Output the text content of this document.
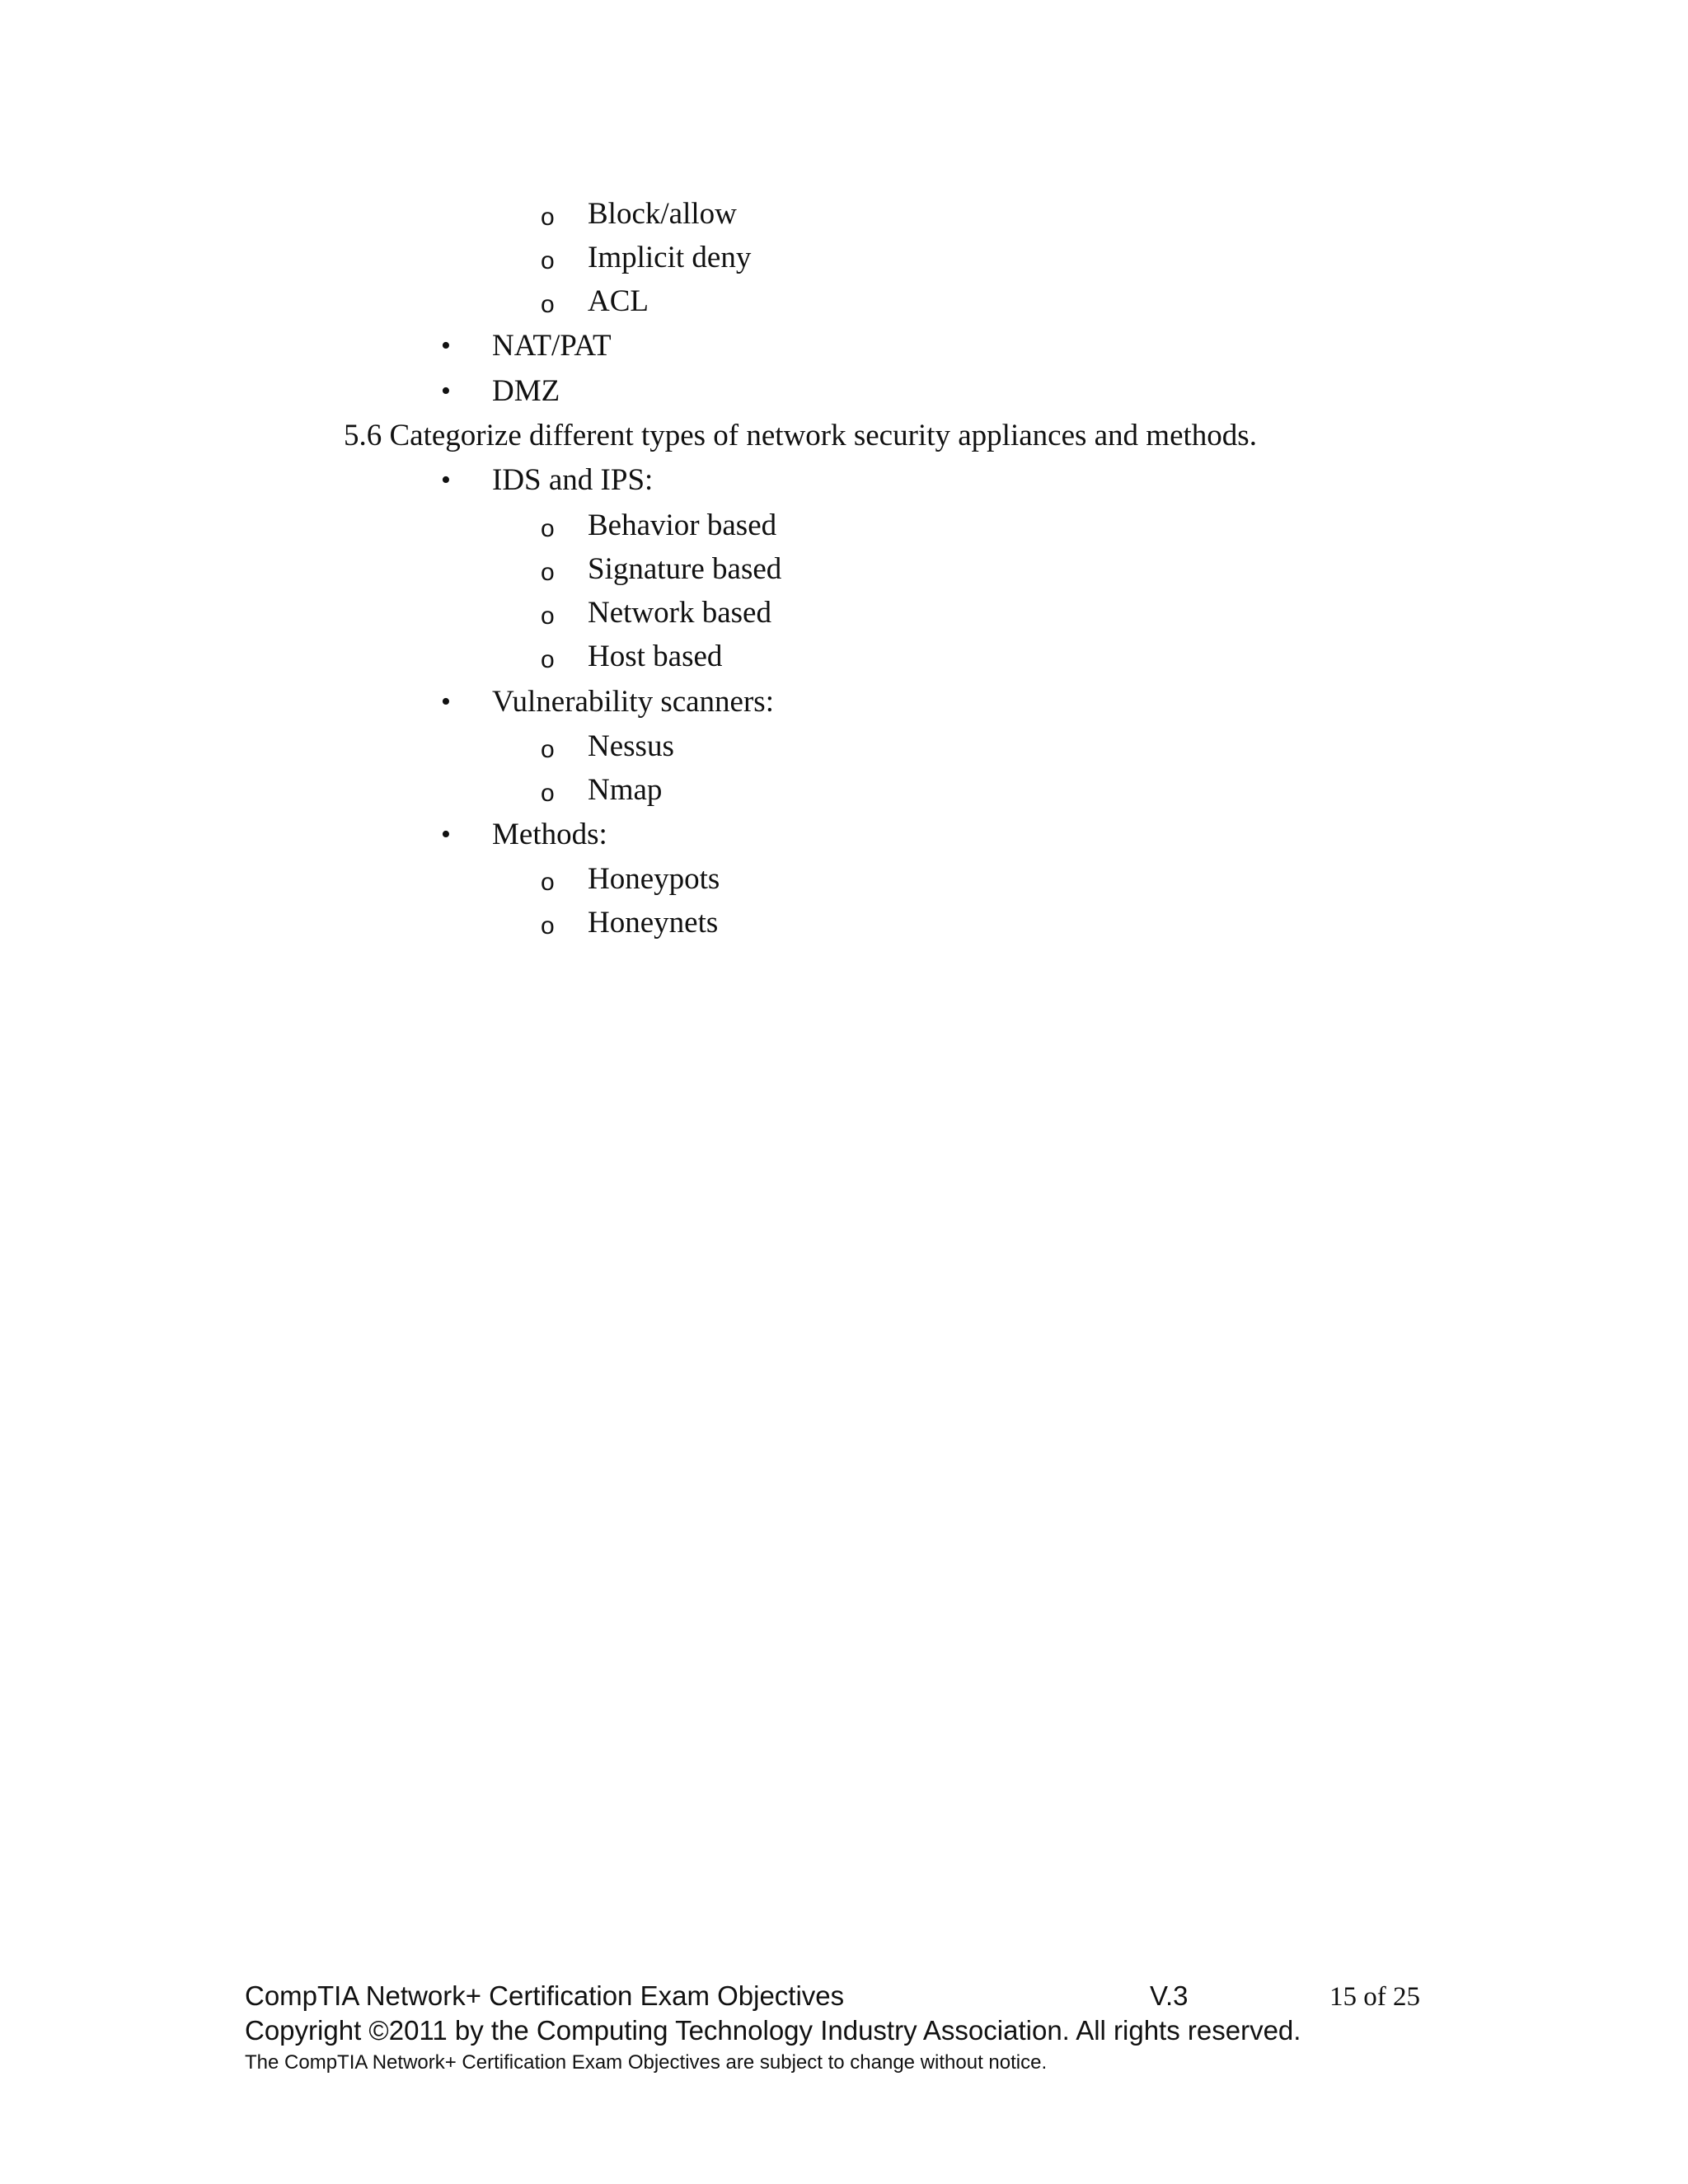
o Block/allow
o Implicit deny
o ACL
• NAT/PAT
• DMZ
5.6 Categorize different types of network security appliances and methods.
• IDS and IPS:
o Behavior based
o Signature based
o Network based
o Host based
• Vulnerability scanners:
o Nessus
o Nmap
• Methods:
o Honeypots
o Honeynets
CompTIA Network+ Certification Exam Objectives	V.3	15 of 25
Copyright ©2011 by the Computing Technology Industry Association. All rights reserved.
The CompTIA Network+ Certification Exam Objectives are subject to change without notice.
